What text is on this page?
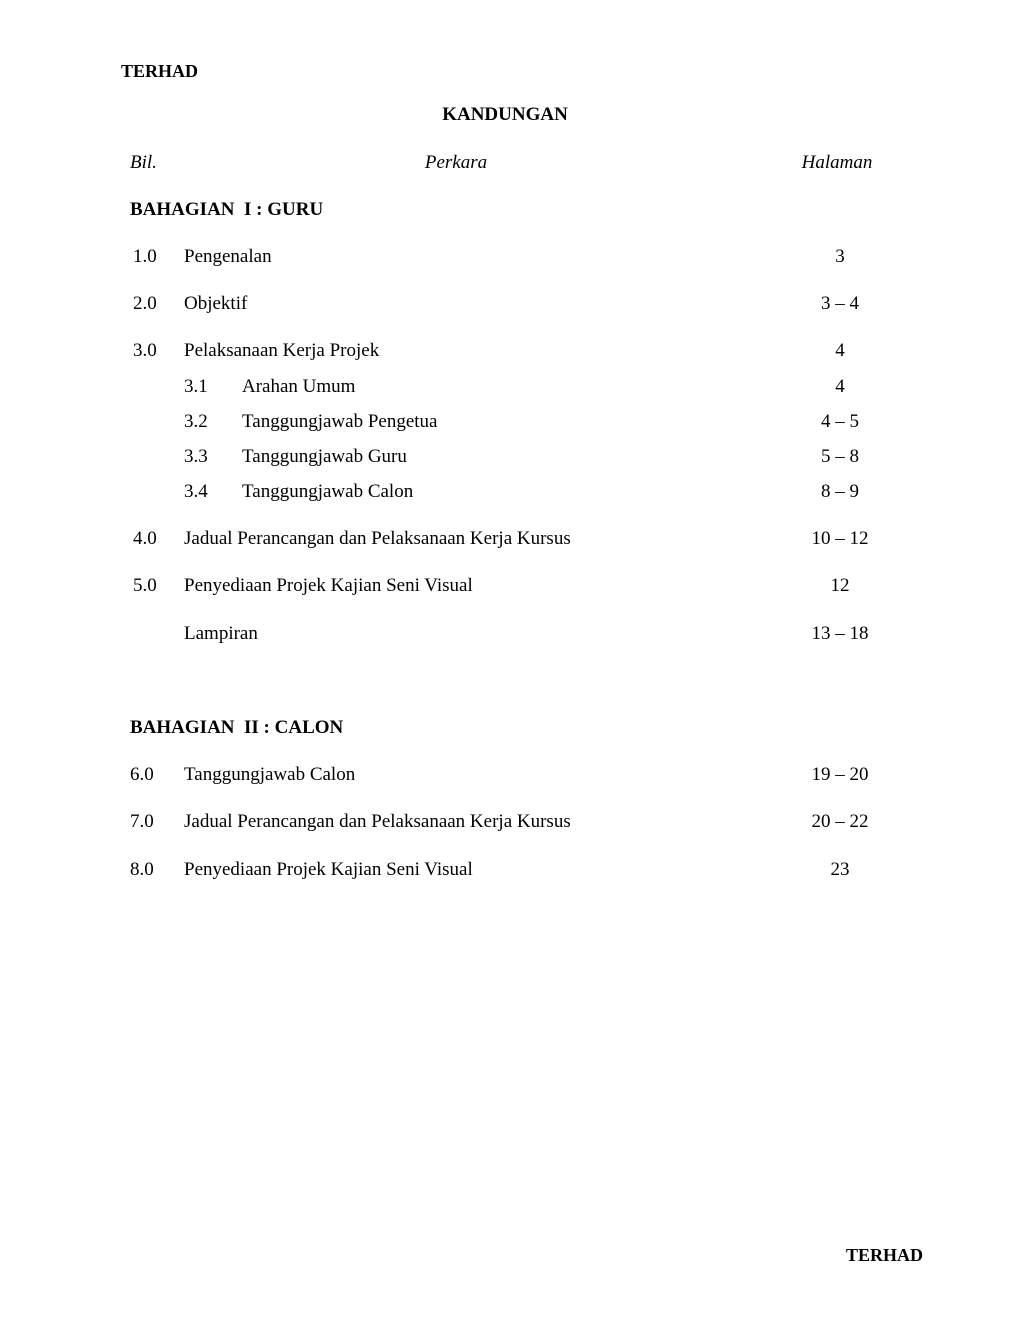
TERHAD
KANDUNGAN
Bil.	Perkara	Halaman
BAHAGIAN  I : GURU
1.0 Pengenalan	3
2.0 Objektif	3 – 4
3.0 Pelaksanaan Kerja Projek	4
3.1 Arahan Umum	4
3.2 Tanggungjawab Pengetua	4 – 5
3.3 Tanggungjawab Guru	5 – 8
3.4 Tanggungjawab Calon	8 – 9
4.0 Jadual Perancangan dan Pelaksanaan Kerja Kursus	10 – 12
5.0 Penyediaan Projek Kajian Seni Visual	12
Lampiran	13 – 18
BAHAGIAN  II : CALON
6.0 Tanggungjawab Calon	19 – 20
7.0 Jadual Perancangan dan Pelaksanaan Kerja Kursus	20 – 22
8.0 Penyediaan Projek Kajian Seni Visual	23
TERHAD
